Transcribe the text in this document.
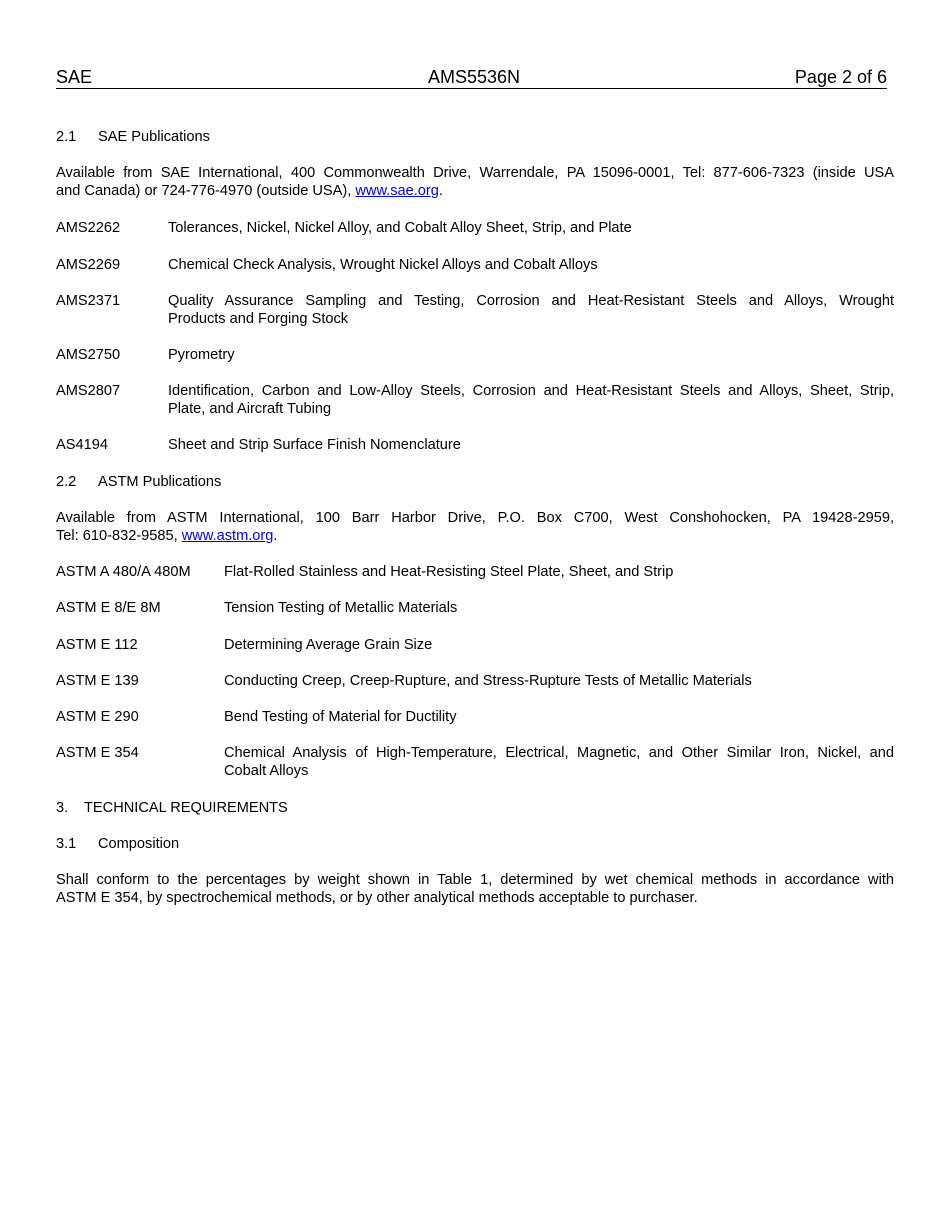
SAE	AMS5536N	Page 2 of 6
2.1 SAE Publications
Available from SAE International, 400 Commonwealth Drive, Warrendale, PA 15096-0001, Tel: 877-606-7323 (inside USA
and Canada) or 724-776-4970 (outside USA), www.sae.org.
AMS2262	Tolerances, Nickel, Nickel Alloy, and Cobalt Alloy Sheet, Strip, and Plate
AMS2269	Chemical Check Analysis, Wrought Nickel Alloys and Cobalt Alloys
AMS2371	Quality Assurance Sampling and Testing, Corrosion and Heat-Resistant Steels and Alloys, Wrought
Products and Forging Stock
AMS2750	Pyrometry
AMS2807	Identification, Carbon and Low-Alloy Steels, Corrosion and Heat-Resistant Steels and Alloys, Sheet, Strip,
Plate, and Aircraft Tubing
AS4194	Sheet and Strip Surface Finish Nomenclature
2.2 ASTM Publications
Available from ASTM International, 100 Barr Harbor Drive, P.O. Box C700, West Conshohocken, PA 19428-2959,
Tel: 610-832-9585, www.astm.org.
ASTM A 480/A 480M Flat-Rolled Stainless and Heat-Resisting Steel Plate, Sheet, and Strip
ASTM E 8/E 8M	Tension Testing of Metallic Materials
ASTM E 112	Determining Average Grain Size
ASTM E 139	Conducting Creep, Creep-Rupture, and Stress-Rupture Tests of Metallic Materials
ASTM E 290	Bend Testing of Material for Ductility
ASTM E 354	Chemical Analysis of High-Temperature, Electrical, Magnetic, and Other Similar Iron, Nickel, and
Cobalt Alloys
3. TECHNICAL REQUIREMENTS
3.1 Composition
Shall conform to the percentages by weight shown in Table 1, determined by wet chemical methods in accordance with
ASTM E 354, by spectrochemical methods, or by other analytical methods acceptable to purchaser.
